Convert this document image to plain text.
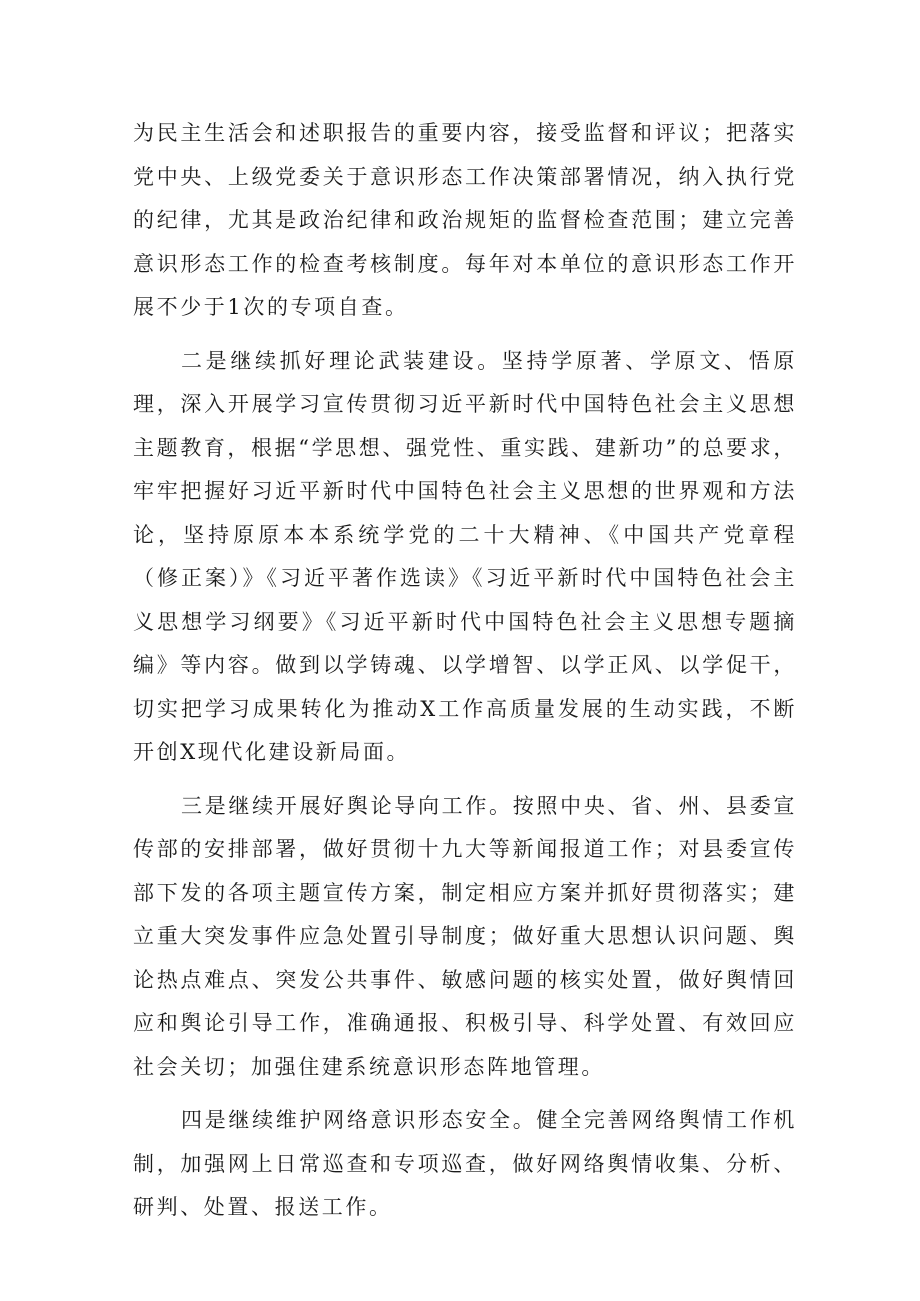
为民主生活会和述职报告的重要内容，接受监督和评议；把落实党中央、上级党委关于意识形态工作决策部署情况，纳入执行党的纪律，尤其是政治纪律和政治规矩的监督检查范围；建立完善意识形态工作的检查考核制度。每年对本单位的意识形态工作开展不少于1次的专项自查。

二是继续抓好理论武装建设。坚持学原著、学原文、悟原理，深入开展学习宣传贯彻习近平新时代中国特色社会主义思想主题教育，根据“学思想、强党性、重实践、建新功”的总要求，牢牢把握好习近平新时代中国特色社会主义思想的世界观和方法论，坚持原原本本系统学党的二十大精神、《中国共产党章程（修正案）》《习近平著作选读》《习近平新时代中国特色社会主义思想学习纲要》《习近平新时代中国特色社会主义思想专题摘编》等内容。做到以学铸魂、以学增智、以学正风、以学促干，切实把学习成果转化为推动X工作高质量发展的生动实践，不断开创X现代化建设新局面。

三是继续开展好舆论导向工作。按照中央、省、州、县委宣传部的安排部署，做好贯彻十九大等新闻报道工作；对县委宣传部下发的各项主题宣传方案，制定相应方案并抓好贯彻落实；建立重大突发事件应急处置引导制度；做好重大思想认识问题、舆论热点难点、突发公共事件、敏感问题的核实处置，做好舆情回应和舆论引导工作，准确通报、积极引导、科学处置、有效回应社会关切；加强住建系统意识形态阵地管理。

四是继续维护网络意识形态安全。健全完善网络舆情工作机制，加强网上日常巡查和专项巡查，做好网络舆情收集、分析、研判、处置、报送工作。
